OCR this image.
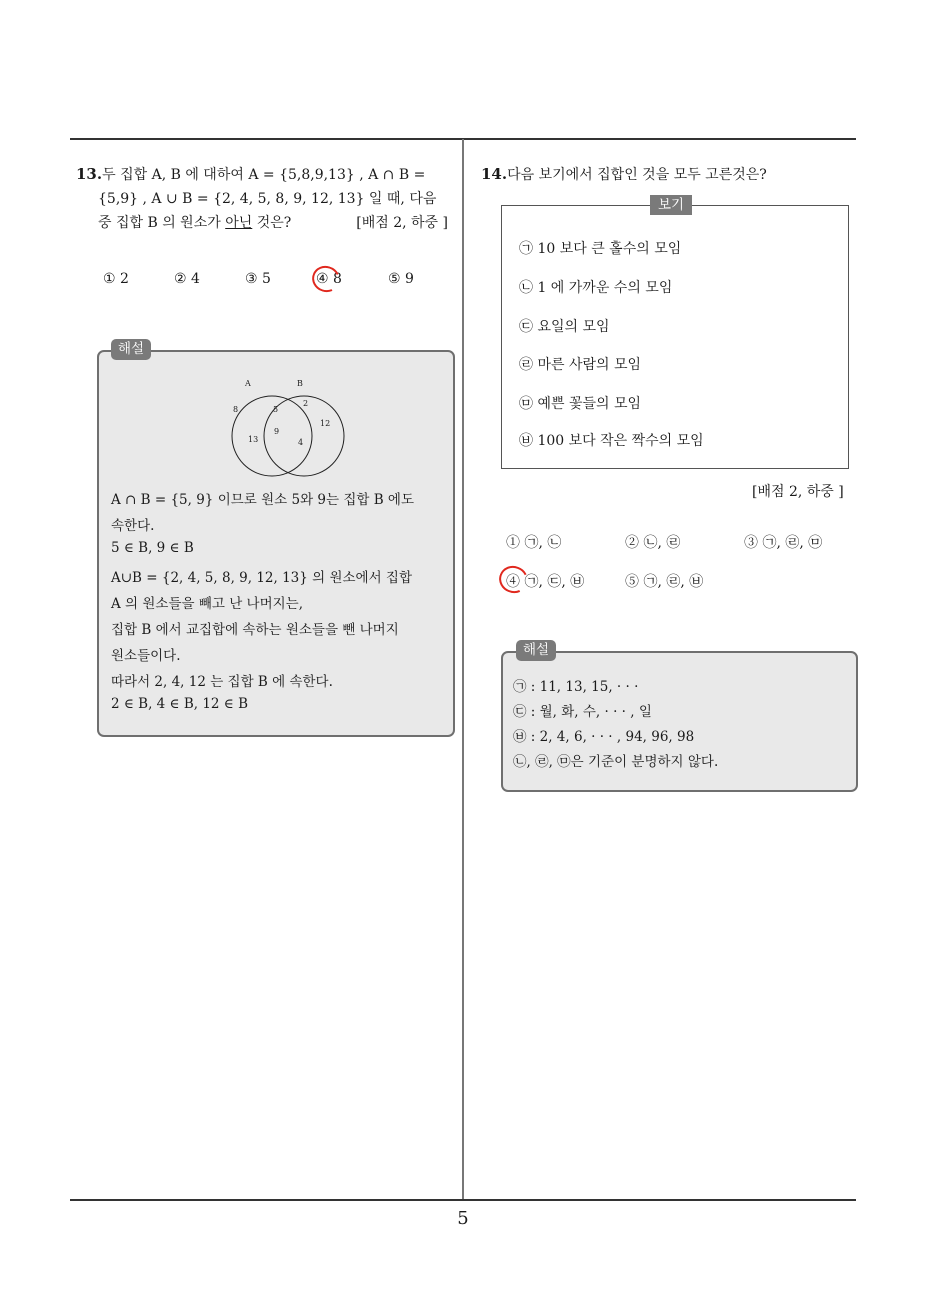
13.두 집합 A, B 에 대하여 A = {5,8,9,13} , A ∩ B =
{5,9} , A ∪ B = {2, 4, 5, 8, 9, 12, 13} 일 때, 다음
중 집합 B 의 원소가 아닌 것은?	[배점 2, 하중 ]
① 2	② 4	③ 5	④ 8	⑤ 9
A	B
8
13
5
9
2
12
4
A ∩ B = {5, 9} 이므로 원소 5와 9는 집합 B 에도
속한다.
5 ∈ B, 9 ∈ B
A∪B = {2, 4, 5, 8, 9, 12, 13} 의 원소에서 집합
A 의 원소들을 빼고 난 나머지는,
집합 B 에서 교집합에 속하는 원소들을 뺀 나머지
원소들이다.
따라서 2, 4, 12 는 집합 B 에 속한다.
2 ∈ B, 4 ∈ B, 12 ∈ B
해설
14.다음 보기에서 집합인 것을 모두 고른것은?
㉠ 10 보다 큰 홀수의 모임
㉡ 1 에 가까운 수의 모임
㉢ 요일의 모임
㉣ 마른 사람의 모임
㉤ 예쁜 꽃들의 모임
㉥ 100 보다 작은 짝수의 모임
보기
[배점 2, 하중 ]
① ㉠, ㉡	② ㉡, ㉣	③ ㉠, ㉣, ㉤
④ ㉠, ㉢, ㉥	⑤ ㉠, ㉣, ㉥
㉠ : 11, 13, 15, · · ·
㉢ : 월, 화, 수, · · · , 일
㉥ : 2, 4, 6, · · · , 94, 96, 98
㉡, ㉣, ㉤은 기준이 분명하지 않다.
해설
5
